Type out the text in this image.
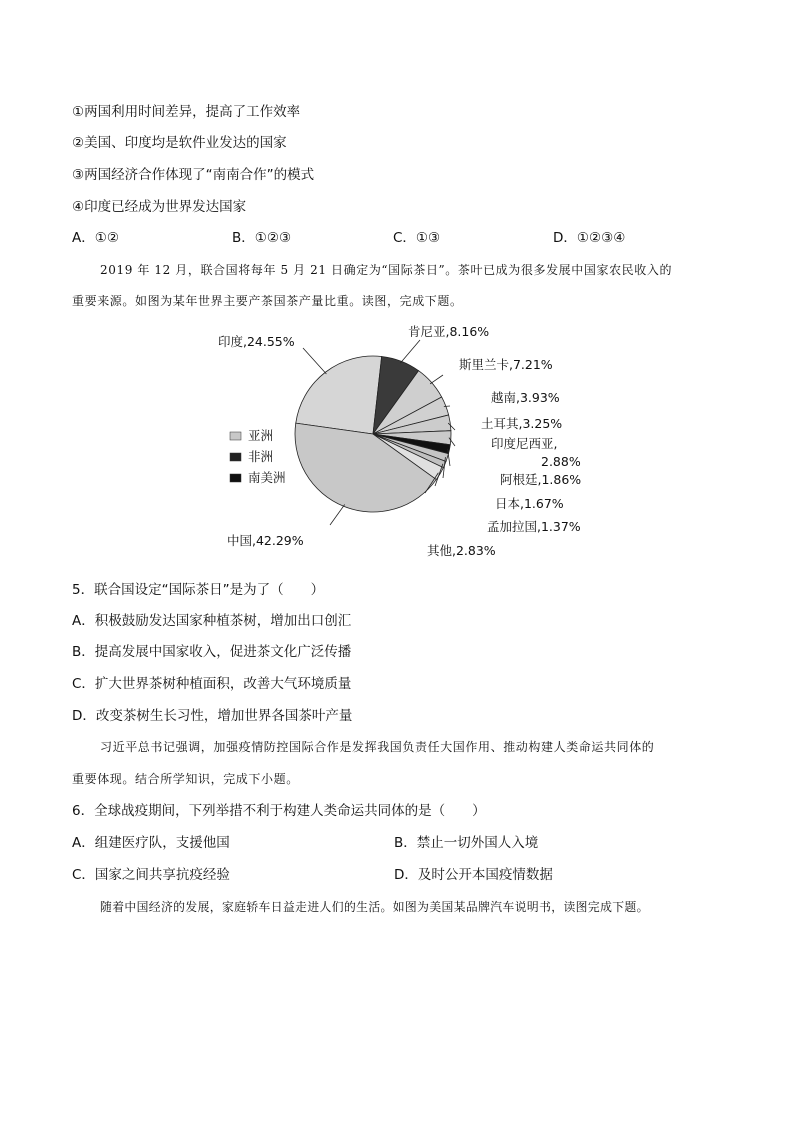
①两国利用时间差异，提高了工作效率
②美国、印度均是软件业发达的国家
③两国经济合作体现了“南南合作”的模式
④印度已经成为世界发达国家
A．①②	B．①②③	C．①③	D．①②③④
2019 年 12 月，联合国将每年 5 月 21 日确定为“国际茶日”。茶叶已成为很多发展中国家农民收入的
重要来源。如图为某年世界主要产茶国茶产量比重。读图，完成下题。
印度,24.55%
肯尼亚,8.16%
斯里兰卡,7.21%
越南,3.93%
土耳其,3.25%
2.88%
印度尼西亚,
阿根廷,1.86%
日本,1.67%
孟加拉国,1.37%
其他,2.83%
中国,42.29%
亚洲
非洲
南美洲
5．联合国设定“国际茶日”是为了（　　）
A．积极鼓励发达国家种植茶树，增加出口创汇
B．提高发展中国家收入，促进茶文化广泛传播
C．扩大世界茶树种植面积，改善大气环境质量
D．改变茶树生长习性，增加世界各国茶叶产量
习近平总书记强调，加强疫情防控国际合作是发挥我国负责任大国作用、推动构建人类命运共同体的
重要体现。结合所学知识，完成下小题。
6．全球战疫期间，下列举措不利于构建人类命运共同体的是（　　）
A．组建医疗队，支援他国	B．禁止一切外国人入境
C．国家之间共享抗疫经验	D．及时公开本国疫情数据
随着中国经济的发展，家庭轿车日益走进人们的生活。如图为美国某品牌汽车说明书，读图完成下题。
